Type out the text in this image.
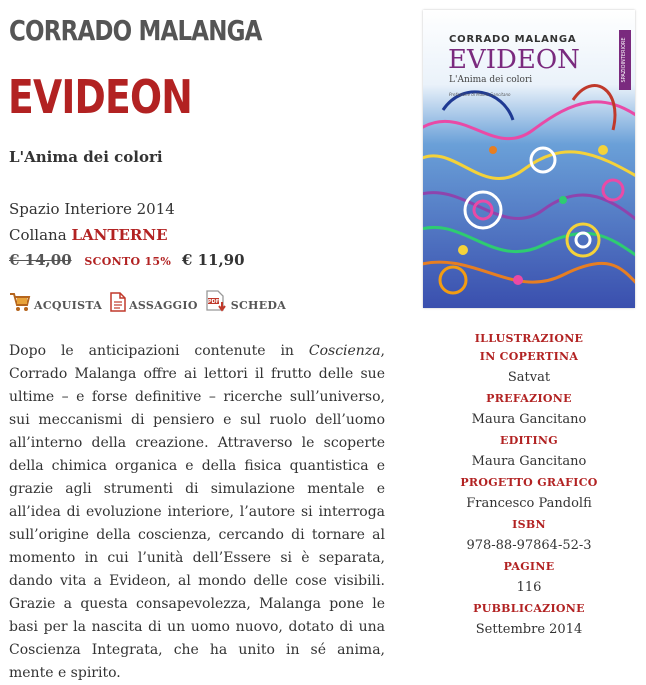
CORRADO MALANGA
EVIDEON
L'Anima dei colori
Spazio Interiore 2014
Collana LANTERNE
€ 14,00 SCONTO 15% € 11,90
ACQUISTA ASSAGGIO PDF SCHEDA

Dopo le anticipazioni contenute in Coscienza, Corrado Malanga offre ai lettori il frutto delle sue ultime – e forse definitive – ricerche sull’universo, sui meccanismi di pensiero e sul ruolo dell’uomo all’interno della creazione. Attraverso le scoperte della chimica organica e della fisica quantistica e grazie agli strumenti di simulazione mentale e all’idea di evoluzione interiore, l’autore si interroga sull’origine della coscienza, cercando di tornare al momento in cui l’unità dell’Essere si è separata, dando vita a Evideon, al mondo delle cose visibili. Grazie a questa consapevolezza, Malanga pone le basi per la nascita di un uomo nuovo, dotato di una Coscienza Integrata, che ha unito in sé anima, mente e spirito.

SPAZIOINTERIORE
CORRADO MALANGA
EVIDEON
L'Anima dei colori
Prefazione di Maura Gancitano
ILLUSTRAZIONE
IN COPERTINA
Satvat
PREFAZIONE
Maura Gancitano
EDITING
Maura Gancitano
PROGETTO GRAFICO
Francesco Pandolfi
ISBN
978-88-97864-52-3
PAGINE
116
PUBBLICAZIONE
Settembre 2014
